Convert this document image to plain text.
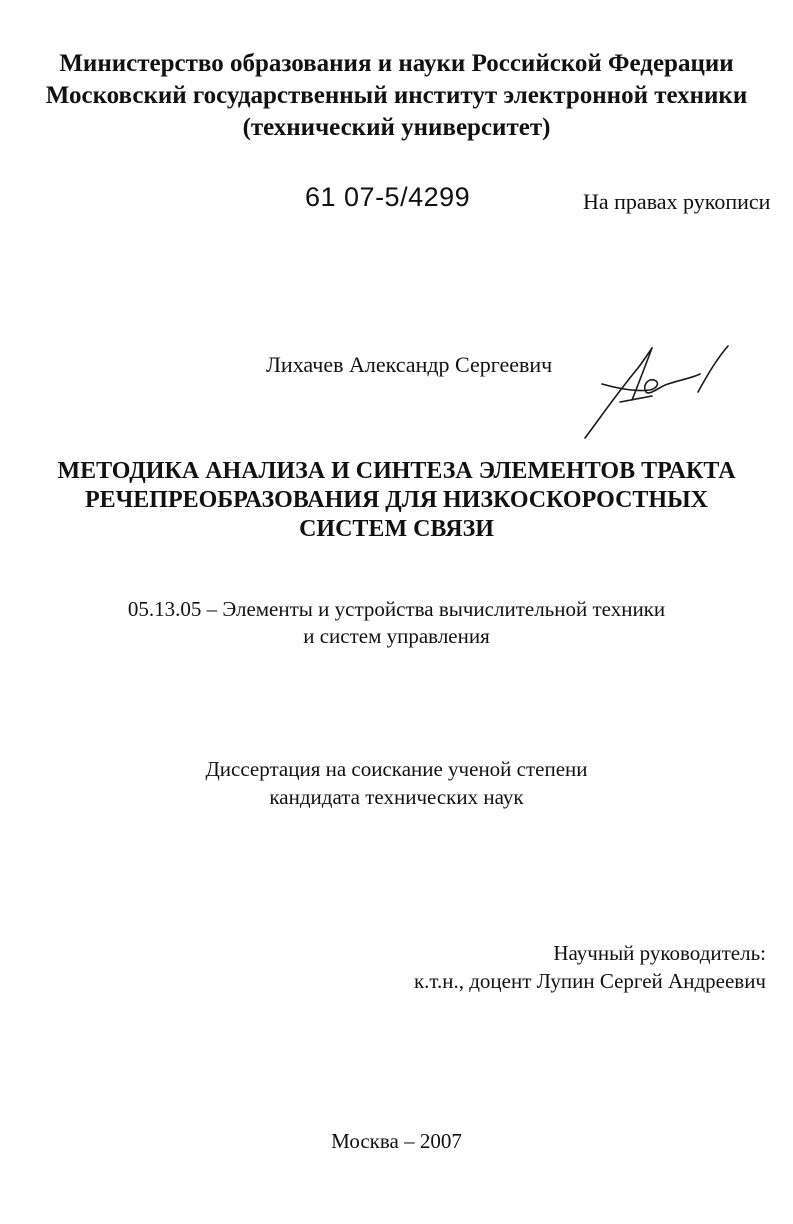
Министерство образования и науки Российской Федерации
Московский государственный институт электронной техники
(технический университет)
61 07-5/4299	На правах рукописи
Лихачев Александр Сергеевич
МЕТОДИКА АНАЛИЗА И СИНТЕЗА ЭЛЕМЕНТОВ ТРАКТА
РЕЧЕПРЕОБРАЗОВАНИЯ ДЛЯ НИЗКОСКОРОСТНЫХ
СИСТЕМ СВЯЗИ
05.13.05 – Элементы и устройства вычислительной техники
и систем управления
Диссертация на соискание ученой степени
кандидата технических наук
Научный руководитель:
к.т.н., доцент Лупин Сергей Андреевич
Москва – 2007
